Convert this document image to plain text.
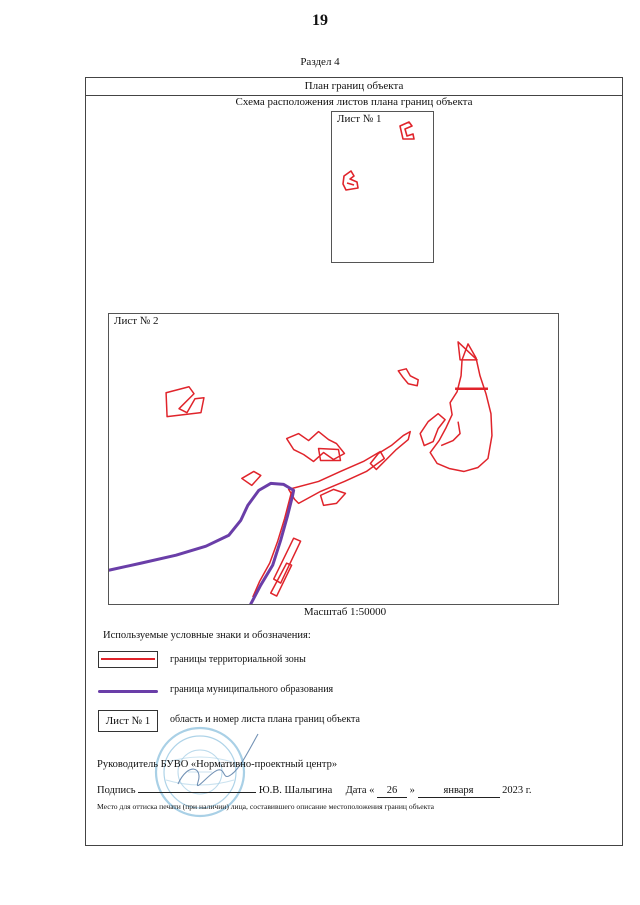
19
Раздел 4
План границ объекта
Схема расположения листов плана границ объекта
Лист № 1
Лист № 2
Масштаб 1:50000
Используемые условные знаки и обозначения:
границы территориальной зоны
граница муниципального образования
Лист № 1	область и номер листа плана границ объекта
Руководитель БУВО «Нормативно-проектный центр»
Подпись	Ю.В. Шалыгина Дата « 26 »	января	2023 г.
Место для оттиска печати (при наличии) лица, составившего описание местоположения границ объекта
